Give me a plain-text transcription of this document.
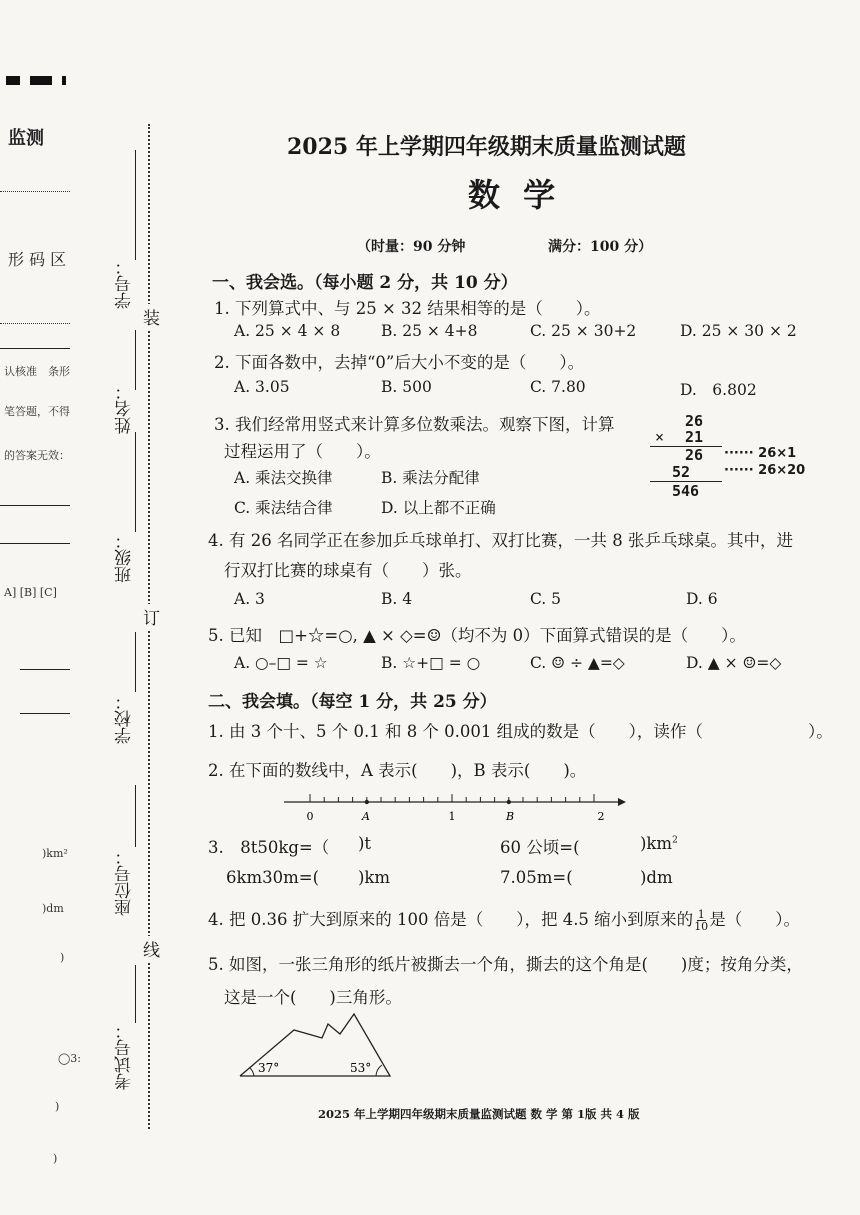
监测
形 码 区
认核准 条形
笔答题，不得
的答案无效：
A] [B] [C]
)km²
)dm
)
◯3:
)
)
学号：
装
姓名：
班级：
订
学校：
座位号：
线
考试号：
2025 年上学期四年级期末质量监测试题
数 学
（时量：90 分钟	满分：100 分）
一、我会选。（每小题 2 分，共 10 分）
1. 下列算式中、与 25 × 32 结果相等的是（　　）。
A. 25 × 4 × 8	B. 25 × 4+8	C. 25 × 30+2	D. 25 × 30 × 2
2. 下面各数中，去掉“0”后大小不变的是（　　）。
A. 3.05	B. 500	C. 7.80	D.　6.802
3. 我们经常用竖式来计算多位数乘法。观察下图，计算
过程运用了（　　）。
A. 乘法交换律	B. 乘法分配律
C. 乘法结合律	D. 以上都不正确
26
× 21
26 ······ 26×1
52	······ 26×20
546
4. 有 26 名同学正在参加乒乓球单打、双打比赛，一共 8 张乒乓球桌。其中，进
行双打比赛的球桌有（　　）张。
A. 3	B. 4	C. 5	D. 6
5. 已知　□+☆=○, ▲ × ◇=☺（均不为 0）下面算式错误的是（　　）。
A. ○–□ = ☆	B. ☆+□ = ○	C. ☺ ÷ ▲=◇	D. ▲ × ☺=◇
二、我会填。（每空 1 分，共 25 分）
1. 由 3 个十、5 个 0.1 和 8 个 0.001 组成的数是（　　），读作（	）。
2. 在下面的数线中，A 表示(　　)，B 表示(　　)。
0	A	1	B	2
3.　8t50kg=（ )t	60 公顷=(	)$km^2$
6km30m=( )km	7.05m=(	)dm
4. 把 0.36 扩大到原来的 100 倍是（　　），把 4.5 缩小到原来的 $\frac{1}{10}$ 是（　　）。
5. 如图，一张三角形的纸片被撕去一个角，撕去的这个角是(　　)度；按角分类，
这是一个(　　)三角形。
37°	53°
2025 年上学期四年级期末质量监测试题 数 学 第 1版 共 4 版
